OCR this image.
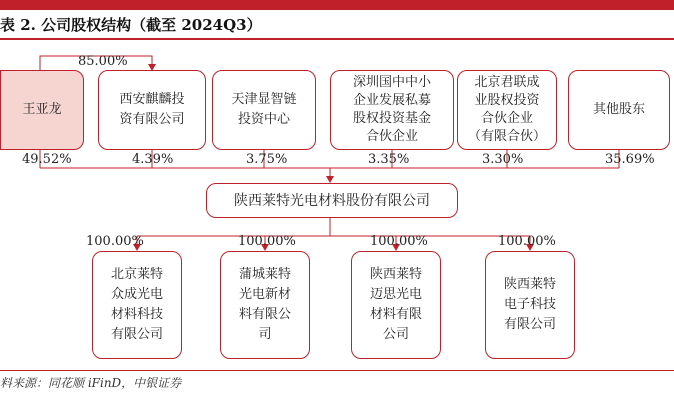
表 2. 公司股权结构（截至 2024Q3）
85.00%
王亚龙
西安麒麟投
资有限公司
天津显智链
投资中心
深圳国中中小
企业发展私募
股权投资基金
合伙企业
北京君联成
业股权投资
合伙企业
（有限合伙）
其他股东
49.52%	4.39%	3.75%	3.35%	3.30%	35.69%
陕西莱特光电材料股份有限公司
100.00%	100.00%	100.00%	100.00%
北京莱特
众成光电
材料科技
有限公司
蒲城莱特
光电新材
料有限公
司
陕西莱特
迈思光电
材料有限
公司
陕西莱特
电子科技
有限公司
料来源：同花顺 iFinD，中银证券
